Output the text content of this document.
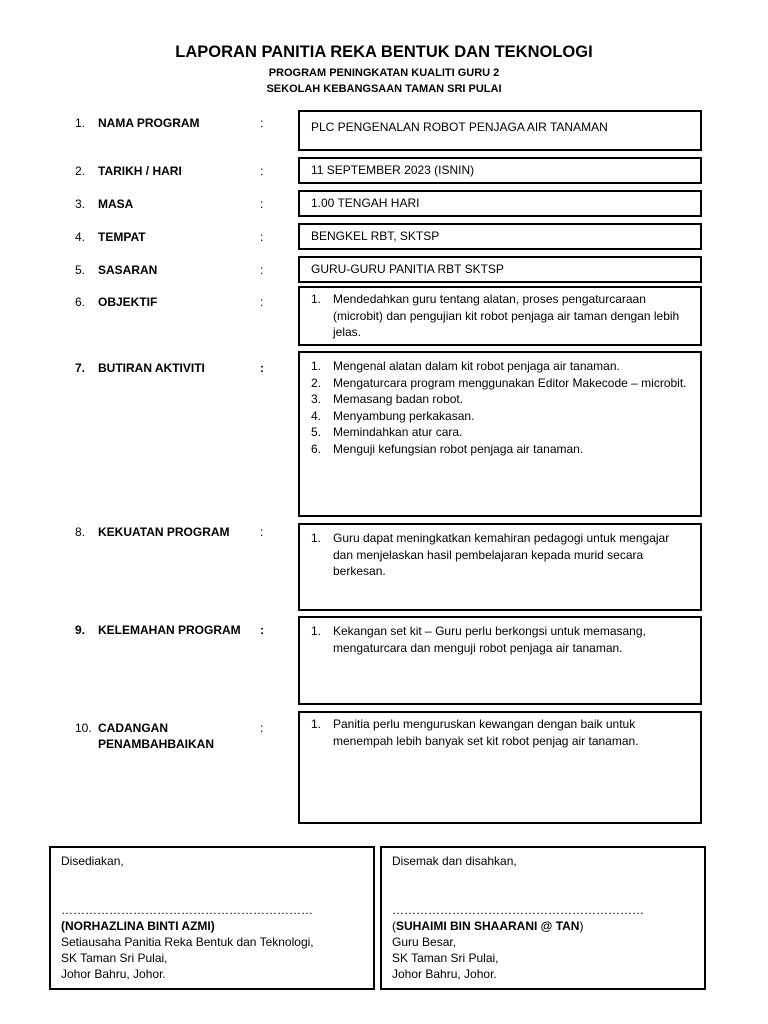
LAPORAN PANITIA REKA BENTUK DAN TEKNOLOGI
PROGRAM PENINGKATAN KUALITI GURU 2
SEKOLAH KEBANGSAAN TAMAN SRI PULAI
1. NAMA PROGRAM	:	PLC PENGENALAN ROBOT PENJAGA AIR TANAMAN
2. TARIKH / HARI	:	11 SEPTEMBER 2023 (ISNIN)
3. MASA	:	1.00 TENGAH HARI
4. TEMPAT	:	BENGKEL RBT, SKTSP
5. SASARAN	:	GURU-GURU PANITIA RBT SKTSP
6. OBJEKTIF	:	1. Mendedahkan guru tentang alatan, proses pengaturcaraan (microbit) dan pengujian kit robot penjaga air taman dengan lebih jelas.
7. BUTIRAN AKTIVITI	:	1. Mengenal alatan dalam kit robot penjaga air tanaman.
2. Mengaturcara program menggunakan Editor Makecode – microbit.
3. Memasang badan robot.
4. Menyambung perkakasan.
5. Memindahkan atur cara.
6. Menguji kefungsian robot penjaga air tanaman.
8. KEKUATAN PROGRAM	:	1. Guru dapat meningkatkan kemahiran pedagogi untuk mengajar dan menjelaskan hasil pembelajaran kepada murid secara berkesan.
9. KELEMAHAN PROGRAM :	1. Kekangan set kit – Guru perlu berkongsi untuk memasang, mengaturcara dan menguji robot penjaga air tanaman.
10. CADANGAN
PENAMBAHBAIKAN
:	1. Panitia perlu menguruskan kewangan dengan baik untuk menempah lebih banyak set kit robot penjag air tanaman.
Disediakan,
………………………………………………………
(NORHAZLINA BINTI AZMI)
Setiausaha Panitia Reka Bentuk dan Teknologi,
SK Taman Sri Pulai,
Johor Bahru, Johor.
Disemak dan disahkan,
………………………………………………………
(SUHAIMI BIN SHAARANI @ TAN)
Guru Besar,
SK Taman Sri Pulai,
Johor Bahru, Johor.
